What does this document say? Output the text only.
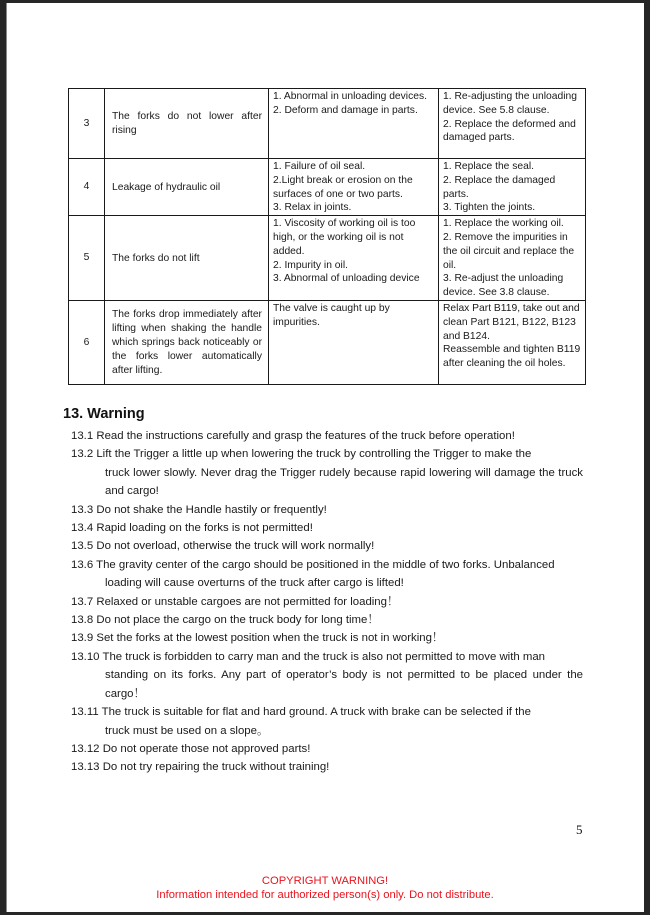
3	The forks do not lower after rising	1. Abnormal in unloading devices.
2. Deform and damage in parts.	1. Re-adjusting the unloading device. See 5.8 clause.
2. Replace the deformed and damaged parts.

4	Leakage of hydraulic oil	1. Failure of oil seal.
2.Light break or erosion on the surfaces of one or two parts.
3. Relax in joints.	1. Replace the seal.
2. Replace the damaged parts.
3. Tighten the joints.

5	The forks do not lift	1. Viscosity of working oil is too high, or the working oil is not added.
2. Impurity in oil.
3. Abnormal of unloading device	1. Replace the working oil.
2. Remove the impurities in the oil circuit and replace the oil.
3. Re-adjust the unloading device. See 3.8 clause.

6	The forks drop immediately after lifting when shaking the handle which springs back noticeably or the forks lower automatically after lifting.	The valve is caught up by impurities.	Relax Part B119, take out and clean Part B121, B122, B123 and B124.
Reassemble and tighten B119 after cleaning the oil holes.
13. Warning
13.1 Read the instructions carefully and grasp the features of the truck before operation!
13.2 Lift the Trigger a little up when lowering the truck by controlling the Trigger to make the
truck lower slowly. Never drag the Trigger rudely because rapid lowering will damage the truck and cargo!
13.3 Do not shake the Handle hastily or frequently!
13.4 Rapid loading on the forks is not permitted!
13.5 Do not overload, otherwise the truck will work normally!
13.6 The gravity center of the cargo should be positioned in the middle of two forks. Unbalanced
loading will cause overturns of the truck after cargo is lifted!
13.7 Relaxed or unstable cargoes are not permitted for loading！
13.8 Do not place the cargo on the truck body for long time！
13.9 Set the forks at the lowest position when the truck is not in working！
13.10 The truck is forbidden to carry man and the truck is also not permitted to move with man
standing on its forks. Any part of operator’s body is not permitted to be placed under the cargo！
13.11 The truck is suitable for flat and hard ground. A truck with brake can be selected if the
truck must be used on a slope。
13.12 Do not operate those not approved parts!
13.13 Do not try repairing the truck without training!
5
COPYRIGHT WARNING!
Information intended for authorized person(s) only. Do not distribute.
